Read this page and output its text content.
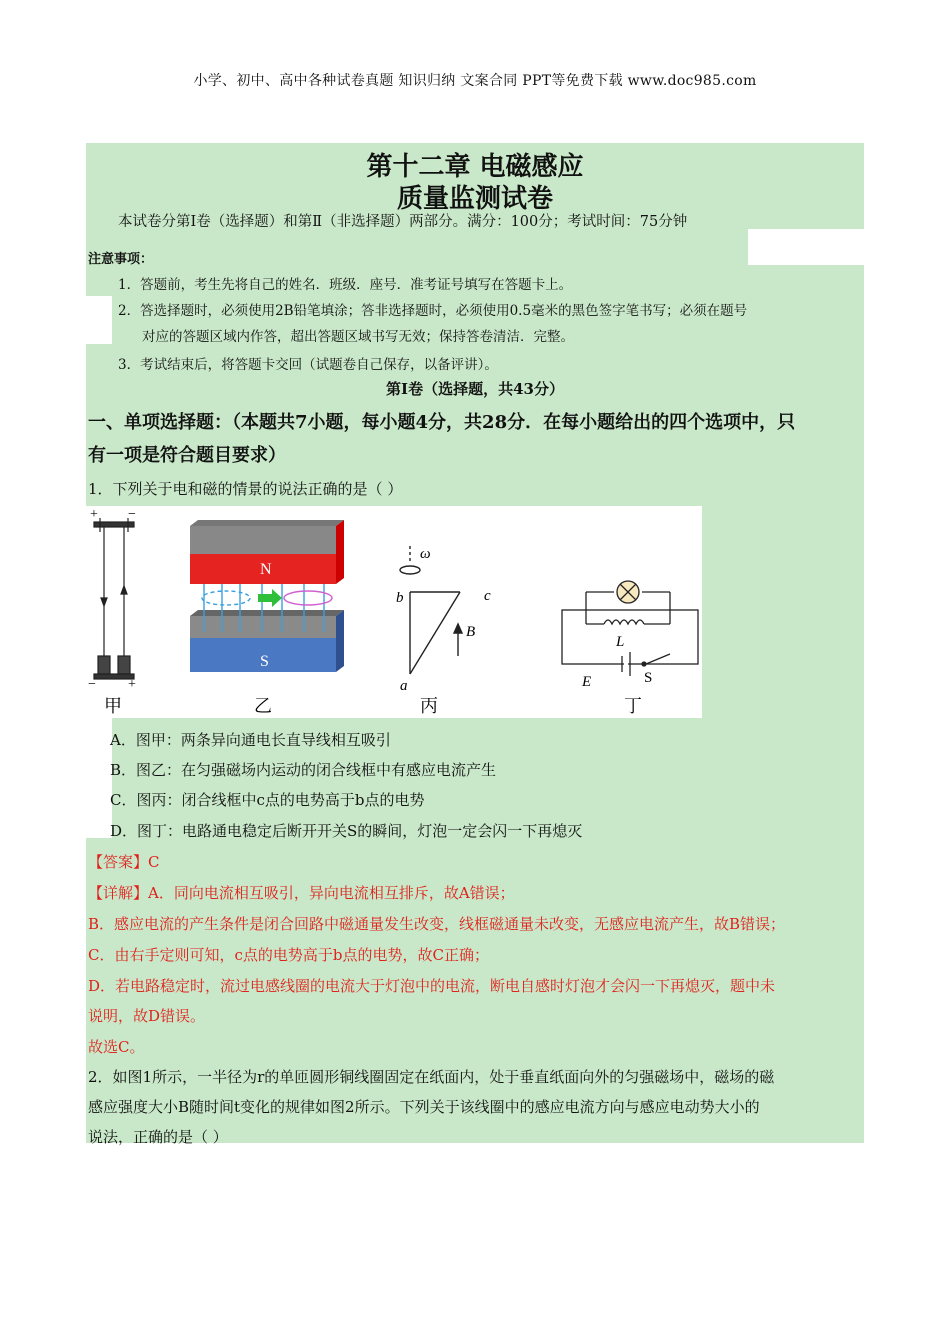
小学、初中、高中各种试卷真题 知识归纳 文案合同 PPT等免费下载 www.doc985.com
第十二章 电磁感应
质量监测试卷
本试卷分第Ⅰ卷（选择题）和第Ⅱ（非选择题）两部分。满分：100分；考试时间：75分钟
注意事项：
1．答题前，考生先将自己的姓名．班级．座号．准考证号填写在答题卡上。
2．答选择题时，必须使用2B铅笔填涂；答非选择题时，必须使用0.5毫米的黑色签字笔书写；必须在题号
对应的答题区域内作答，超出答题区域书写无效；保持答卷清洁．完整。
3．考试结束后，将答题卡交回（试题卷自己保存，以备评讲）。
第Ⅰ卷（选择题，共43分）
一、单项选择题：（本题共7小题，每小题4分，共28分．在每小题给出的四个选项中，只
有一项是符合题目要求）
1．下列关于电和磁的情景的说法正确的是（ ）
+ −
− +
甲
N
S
乙
ω
b	c
a
B
丙
L
E	S
丁
A．图甲：两条异向通电长直导线相互吸引
B．图乙：在匀强磁场内运动的闭合线框中有感应电流产生
C．图丙：闭合线框中c点的电势高于b点的电势
D．图丁：电路通电稳定后断开开关S的瞬间，灯泡一定会闪一下再熄灭
【答案】C
【详解】A．同向电流相互吸引，异向电流相互排斥，故A错误；
B．感应电流的产生条件是闭合回路中磁通量发生改变，线框磁通量未改变，无感应电流产生，故B错误；
C．由右手定则可知，c点的电势高于b点的电势，故C正确；
D．若电路稳定时，流过电感线圈的电流大于灯泡中的电流，断电自感时灯泡才会闪一下再熄灭，题中未
说明，故D错误。
故选C。
2．如图1所示，一半径为r的单匝圆形铜线圈固定在纸面内，处于垂直纸面向外的匀强磁场中，磁场的磁
感应强度大小B随时间t变化的规律如图2所示。下列关于该线圈中的感应电流方向与感应电动势大小的
说法，正确的是（ ）
